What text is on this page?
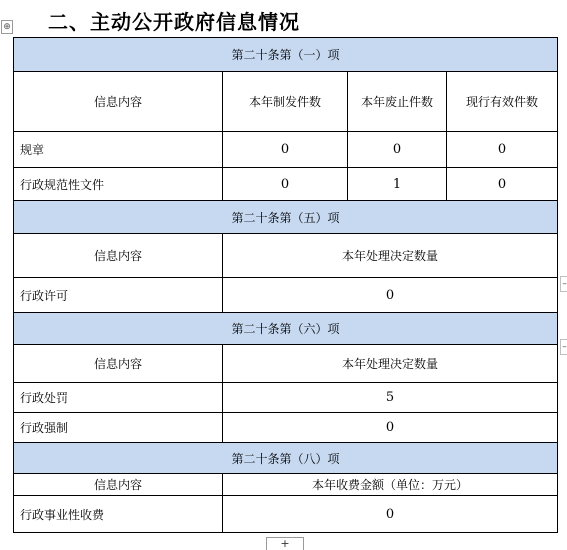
二、主动公开政府信息情况
⊕
第二十条第（一）项			
信息内容	本年制发件数	本年废止件数	现行有效件数
规章	0	0	0
行政规范性文件	0	1	0
第二十条第（五）项			
信息内容	本年处理决定数量		
行政许可	0		
第二十条第（六）项			
信息内容	本年处理决定数量		
行政处罚	5		
行政强制	0		
第二十条第（八）项			
信息内容	本年收费金额（单位：万元）		
行政事业性收费	0		
–
–
+
